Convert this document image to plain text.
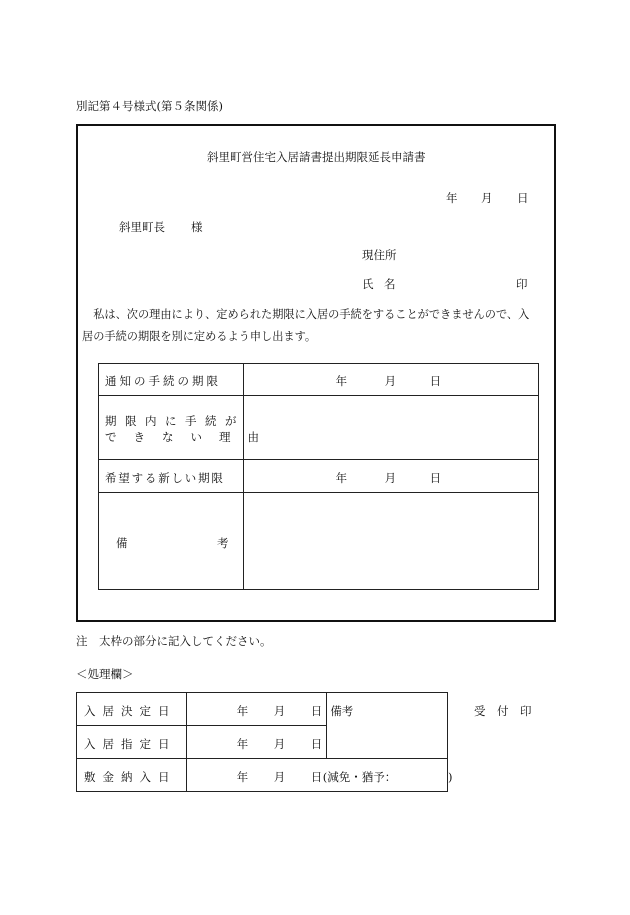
別記第４号様式(第５条関係)
斜里町営住宅入居請書提出期限延長申請書
年 月 日
斜里町長 様
現住所
氏 名	印
　私は、次の理由により、定められた期限に入居の手続をすることができませんので、入
居の手続の期限を別に定めるよう申し出ます。
通知の手続の期限	年 月 日

期限内に手続が
できない理由	

希望する新しい期限	年 月 日

備 考	

注　太枠の部分に記入してください。
＜処理欄＞
入居決定日	年 月 日	備考

入居指定日	年 月 日	

敷金納入日	年 月 日 (減免・猶予：　　　　　)	
受　付　印
